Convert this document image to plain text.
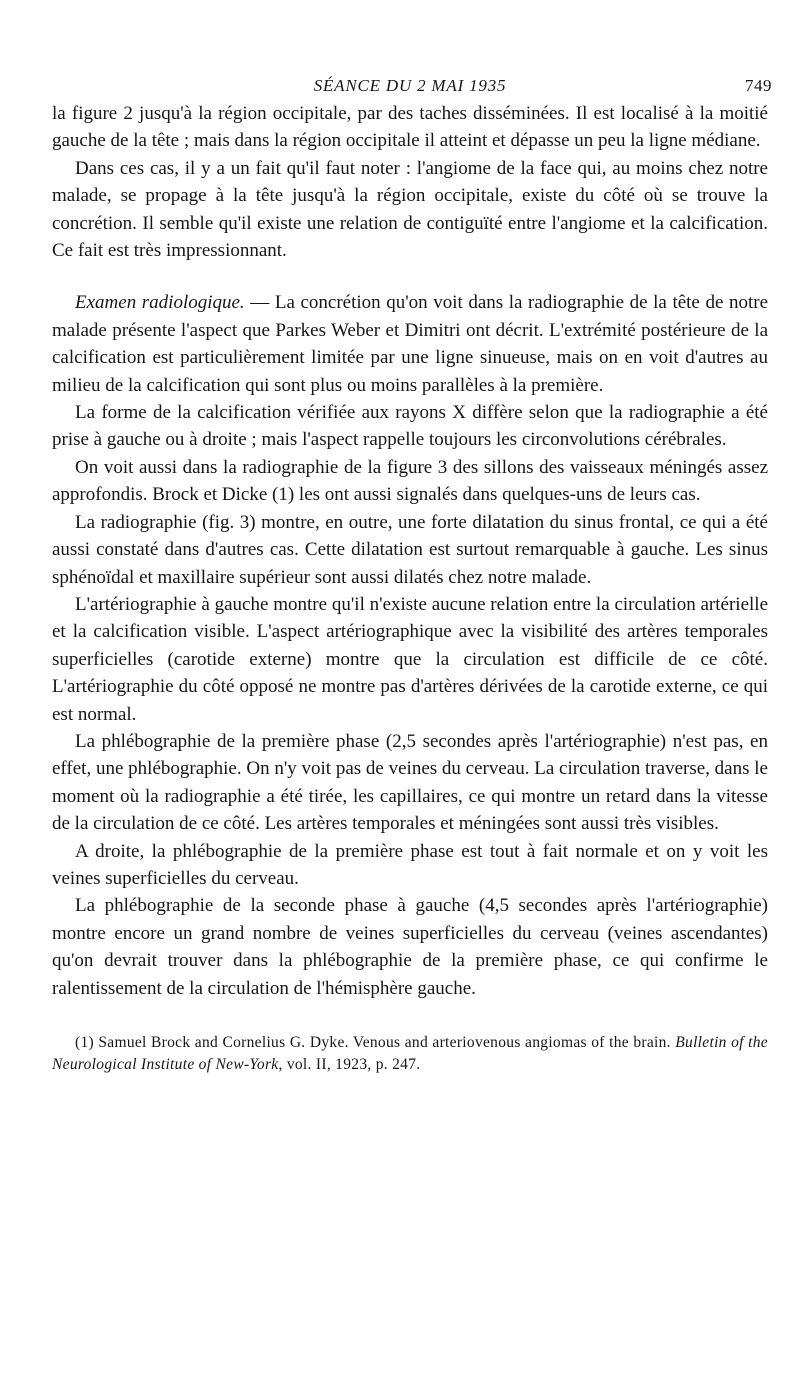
SÉANCE DU 2 MAI 1935	749

la figure 2 jusqu'à la région occipitale, par des taches disséminées. Il est localisé à la moitié gauche de la tête ; mais dans la région occipitale il atteint et dépasse un peu la ligne médiane.

Dans ces cas, il y a un fait qu'il faut noter : l'angiome de la face qui, au moins chez notre malade, se propage à la tête jusqu'à la région occipitale, existe du côté où se trouve la concrétion. Il semble qu'il existe une relation de contiguïté entre l'angiome et la calcification. Ce fait est très impressionnant.

Examen radiologique. — La concrétion qu'on voit dans la radiographie de la tête de notre malade présente l'aspect que Parkes Weber et Dimitri ont décrit. L'extrémité postérieure de la calcification est particulièrement limitée par une ligne sinueuse, mais on en voit d'autres au milieu de la calcification qui sont plus ou moins parallèles à la première.

La forme de la calcification vérifiée aux rayons X diffère selon que la radiographie a été prise à gauche ou à droite ; mais l'aspect rappelle toujours les circonvolutions cérébrales.

On voit aussi dans la radiographie de la figure 3 des sillons des vaisseaux méningés assez approfondis. Brock et Dicke (1) les ont aussi signalés dans quelques-uns de leurs cas.

La radiographie (fig. 3) montre, en outre, une forte dilatation du sinus frontal, ce qui a été aussi constaté dans d'autres cas. Cette dilatation est surtout remarquable à gauche. Les sinus sphénoïdal et maxillaire supérieur sont aussi dilatés chez notre malade.

L'artériographie à gauche montre qu'il n'existe aucune relation entre la circulation artérielle et la calcification visible. L'aspect artériographique avec la visibilité des artères temporales superficielles (carotide externe) montre que la circulation est difficile de ce côté. L'artériographie du côté opposé ne montre pas d'artères dérivées de la carotide externe, ce qui est normal.

La phlébographie de la première phase (2,5 secondes après l'artériographie) n'est pas, en effet, une phlébographie. On n'y voit pas de veines du cerveau. La circulation traverse, dans le moment où la radiographie a été tirée, les capillaires, ce qui montre un retard dans la vitesse de la circulation de ce côté. Les artères temporales et méningées sont aussi très visibles.

A droite, la phlébographie de la première phase est tout à fait normale et on y voit les veines superficielles du cerveau.

La phlébographie de la seconde phase à gauche (4,5 secondes après l'artériographie) montre encore un grand nombre de veines superficielles du cerveau (veines ascendantes) qu'on devrait trouver dans la phlébographie de la première phase, ce qui confirme le ralentissement de la circulation de l'hémisphère gauche.

(1) Samuel Brock and Cornelius G. Dyke. Venous and arteriovenous angiomas of the brain. Bulletin of the Neurological Institute of New-York, vol. II, 1923, p. 247.
